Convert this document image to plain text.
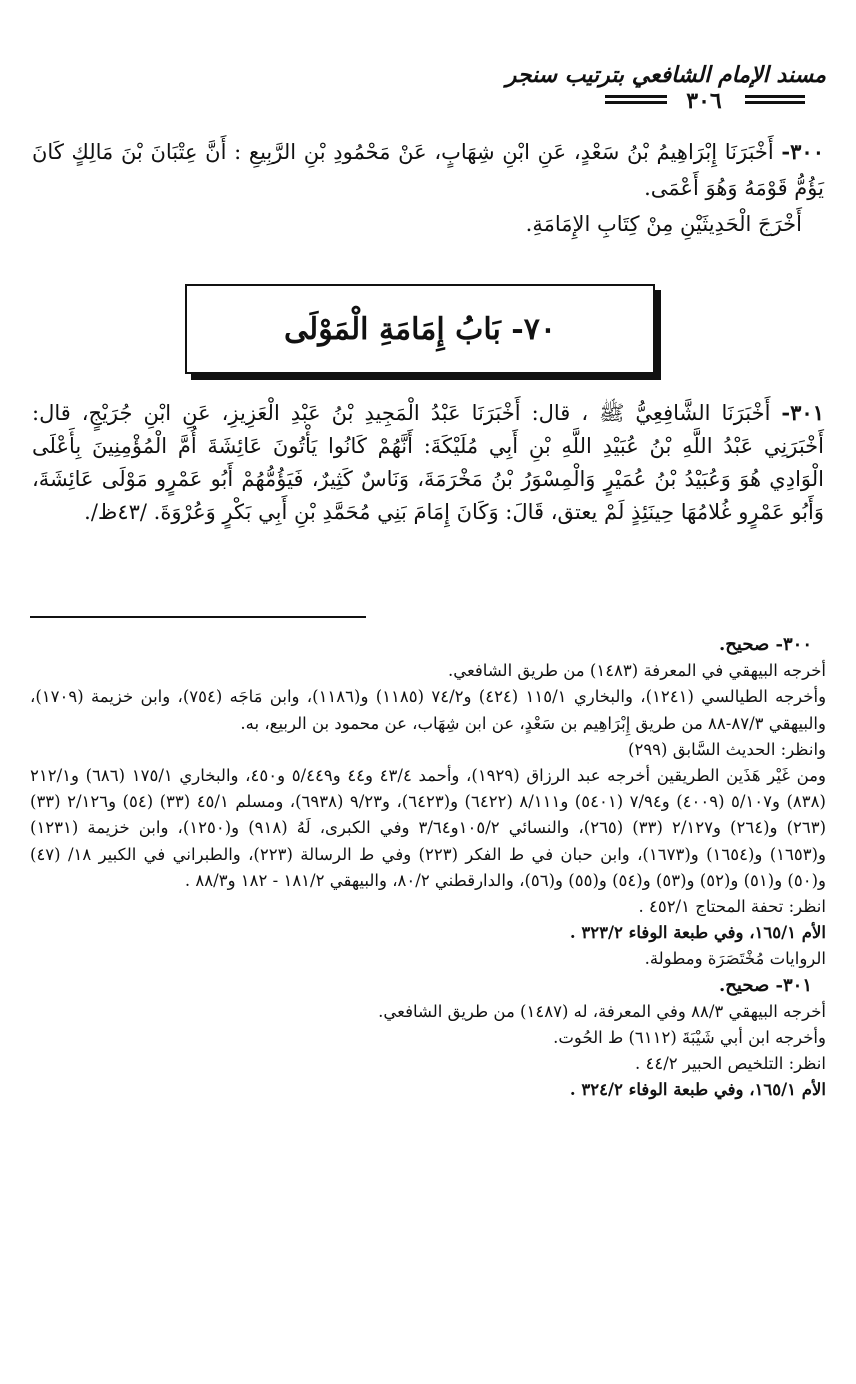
مسند الإمام الشافعي بترتيب سنجر
٣٠٦
٣٠٠- أَخْبَرَنَا إِبْرَاهِيمُ بْنُ سَعْدٍ، عَنِ ابْنِ شِهَابٍ، عَنْ مَحْمُودِ بْنِ الرَّبِيعِ : أَنَّ عِتْبَانَ بْنَ مَالِكٍ كَانَ يَؤُمُّ قَوْمَهُ وَهُوَ أَعْمَى.
أَخْرَجَ الْحَدِيثَيْنِ مِنْ كِتَابِ الإِمَامَةِ.
٧٠- بَابُ إِمَامَةِ الْمَوْلَى
٣٠١- أَخْبَرَنَا الشَّافِعِيُّ ﷺ ، قال: أَخْبَرَنَا عَبْدُ الْمَجِيدِ بْنُ عَبْدِ الْعَزِيزِ، عَنِ ابْنِ جُرَيْجٍ، قال: أَخْبَرَنِي عَبْدُ اللَّهِ بْنُ عُبَيْدِ اللَّهِ بْنِ أَبِي مُلَيْكَةَ: أَنَّهُمْ كَانُوا يَأْتُونَ عَائِشَةَ أُمَّ الْمُؤْمِنِينَ بِأَعْلَى الْوَادِي هُوَ وَعُبَيْدُ بْنُ عُمَيْرٍ وَالْمِسْوَرُ بْنُ مَخْرَمَةَ، وَنَاسٌ كَثِيرٌ، فَيَؤُمُّهُمْ أَبُو عَمْرٍو مَوْلَى عَائِشَةَ، وَأَبُو عَمْرٍو غُلامُهَا حِينَئِذٍ لَمْ يعتق، قَالَ: وَكَانَ إِمَامَ بَنِي مُحَمَّدِ بْنِ أَبِي بَكْرٍ وَعُرْوَةَ. /٤٣ظ/.

٣٠٠- صحيح.

أخرجه البيهقي في المعرفة (١٤٨٣) من طريق الشافعي.

وأخرجه الطيالسي (١٢٤١)، والبخاري ١١٥/١ (٤٢٤) و٧٤/٢ (١١٨٥) و(١١٨٦)، وابن مَاجَه (٧٥٤)، وابن خزيمة (١٧٠٩)، والبيهقي ٨٧/٣-٨٨ من طريق إِبْرَاهِيم بن سَعْدٍ، عن ابن شِهَاب، عن محمود بن الربيع، به.

وانظر: الحديث السَّابق (٢٩٩)

ومن غَيْر هَذَين الطريقين أخرجه عبد الرزاق (١٩٢٩)، وأحمد ٤٣/٤ و٤٤ و٥/٤٤٩ و٤٥٠، والبخاري ١٧٥/١ (٦٨٦) و٢١٢/١ (٨٣٨) و٥/١٠٧ (٤٠٠٩) و٧/٩٤ (٥٤٠١) و٨/١١١ (٦٤٢٢) و(٦٤٢٣)، و٩/٢٣ (٦٩٣٨)، ومسلم ٤٥/١ (٣٣) (٥٤) و٢/١٢٦ (٣٣) (٢٦٣) و(٢٦٤) و٢/١٢٧ (٣٣) (٢٦٥)، والنسائي ١٠٥/٢و٣/٦٤ وفي الكبرى، لَهُ (٩١٨) و(١٢٥٠)، وابن خزيمة (١٢٣١) و(١٦٥٣) و(١٦٥٤) و(١٦٧٣)، وابن حبان في ط الفكر (٢٢٣) وفي ط الرسالة (٢٢٣)، والطبراني في الكبير ١٨/ (٤٧) و(٥٠) و(٥١) و(٥٢) و(٥٣) و(٥٤) و(٥٥) و(٥٦)، والدارقطني ٨٠/٢، والبيهقي ١٨١/٢ - ١٨٢ و٨٨/٣ .

انظر: تحفة المحتاج ٤٥٢/١ .

الأم ١٦٥/١، وفي طبعة الوفاء ٣٢٣/٢ .

الروايات مُخْتَصَرَة ومطولة.

٣٠١- صحيح.

أخرجه البيهقي ٨٨/٣ وفي المعرفة، له (١٤٨٧) من طريق الشافعي.

وأخرجه ابن أبي شَيْبَةَ (٦١١٢) ط الحُوت.

انظر: التلخيص الحبير ٤٤/٢ .

الأم ١٦٥/١، وفي طبعة الوفاء ٣٢٤/٢ .
